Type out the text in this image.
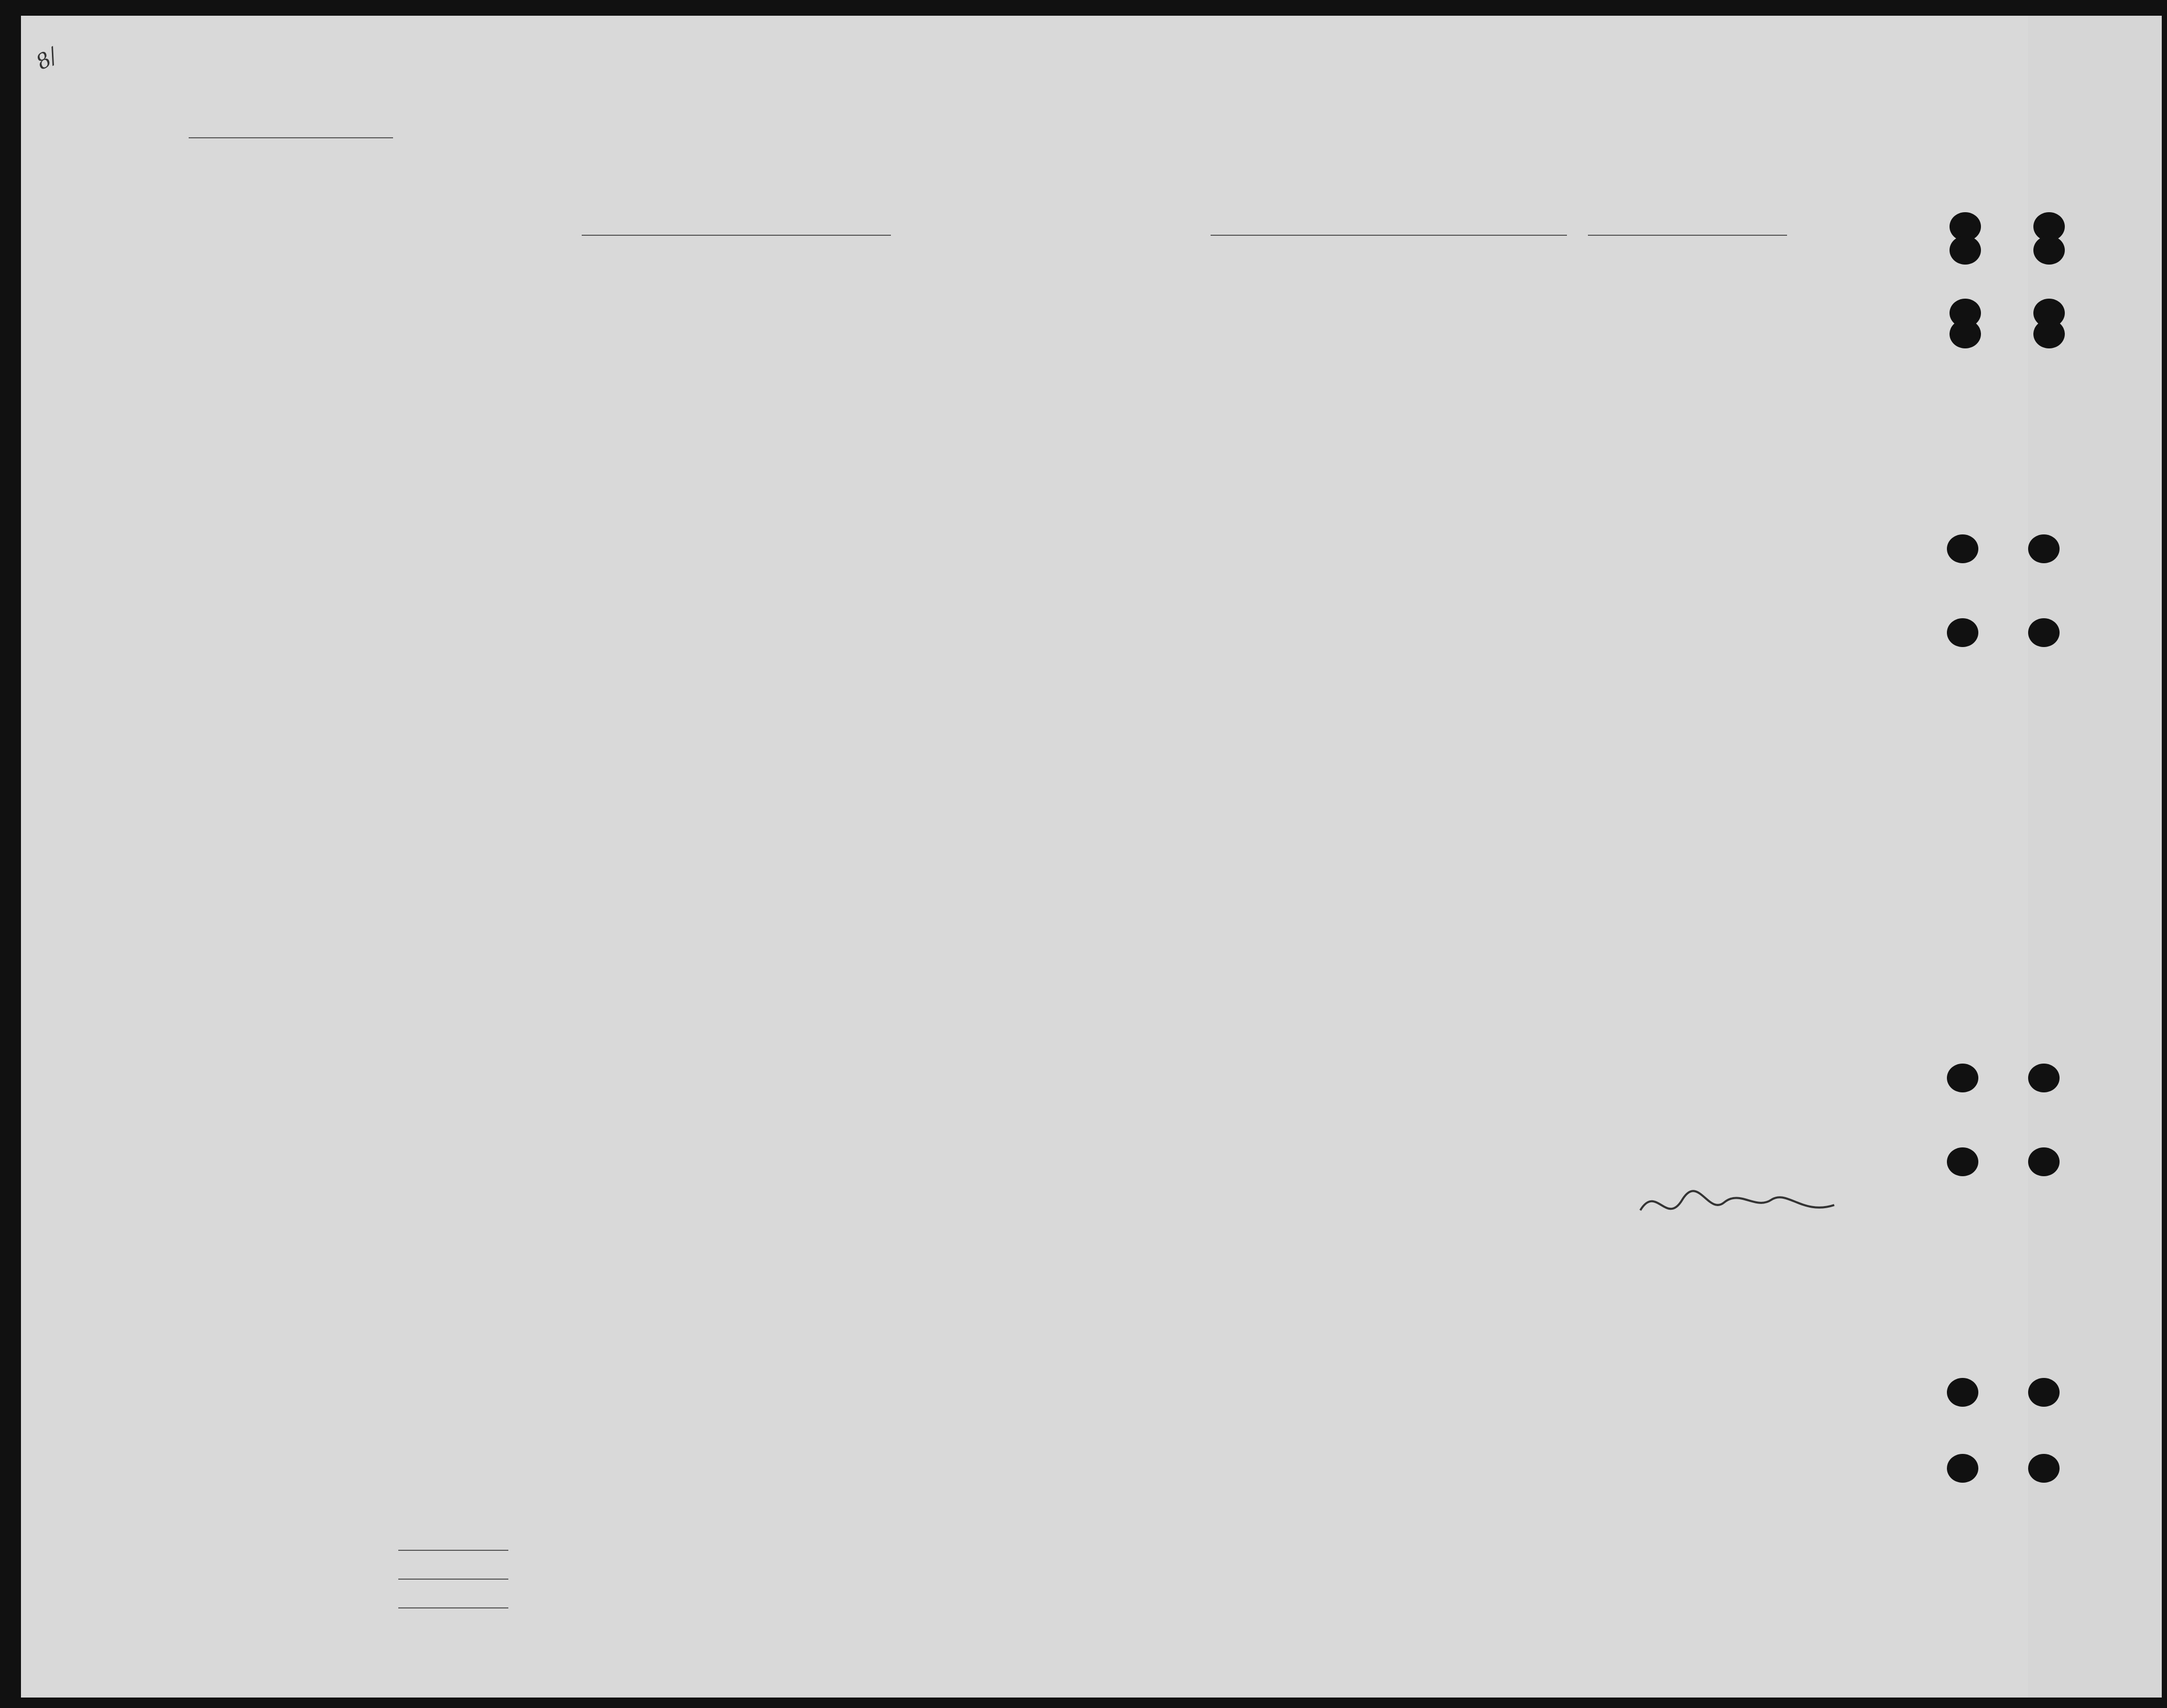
8/
